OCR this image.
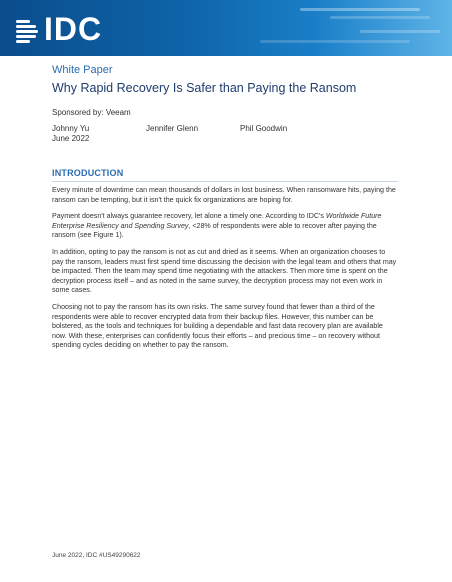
IDC
White Paper
Why Rapid Recovery Is Safer than Paying the Ransom
Sponsored by: Veeam
Johnny Yu	Jennifer Glenn	Phil Goodwin
June 2022
INTRODUCTION

Every minute of downtime can mean thousands of dollars in lost business. When ransomware hits, paying the ransom can be tempting, but it isn't the quick fix organizations are hoping for.

Payment doesn't always guarantee recovery, let alone a timely one. According to IDC's Worldwide Future Enterprise Resiliency and Spending Survey, <28% of respondents were able to recover after paying the ransom (see Figure 1).

In addition, opting to pay the ransom is not as cut and dried as it seems. When an organization chooses to pay the ransom, leaders must first spend time discussing the decision with the legal team and others that may be impacted. Then the team may spend time negotiating with the attackers. Then more time is spent on the decryption process itself – and as noted in the same survey, the decryption process may not even work in some cases.

Choosing not to pay the ransom has its own risks. The same survey found that fewer than a third of the respondents were able to recover encrypted data from their backup files. However, this number can be bolstered, as the tools and techniques for building a dependable and fast data recovery plan are available now. With these, enterprises can confidently focus their efforts – and precious time – on recovery without spending cycles deciding on whether to pay the ransom.

June 2022, IDC #US49290622
